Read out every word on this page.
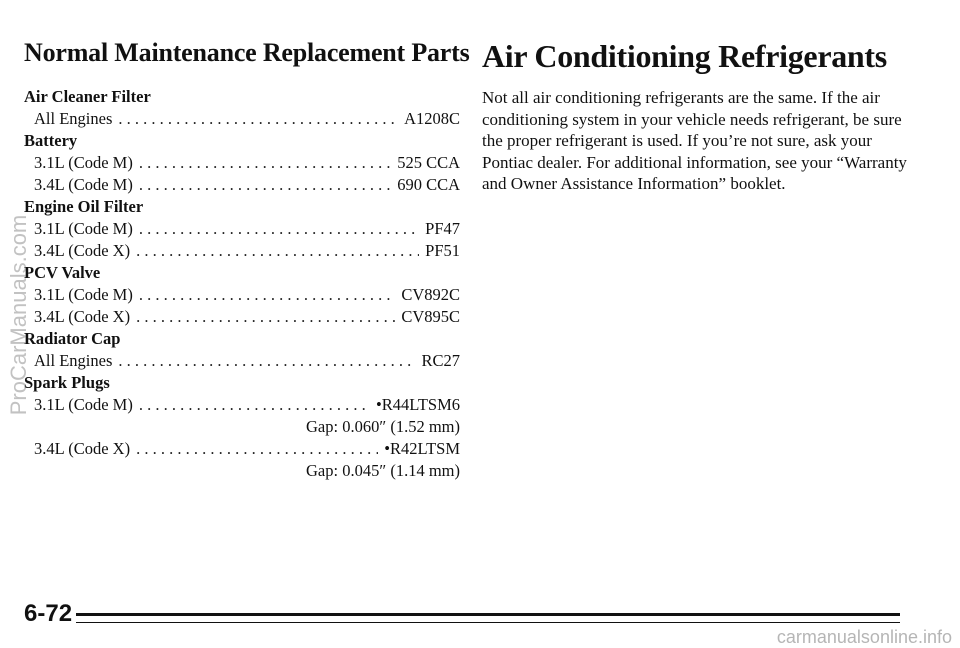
Normal Maintenance Replacement Parts
Air Cleaner Filter
All Engines . . .	A1208C
Battery
3.1L (Code M) . . .	525 CCA
3.4L (Code M) . . .	690 CCA
Engine Oil Filter
3.1L (Code M) . . .	PF47
3.4L (Code X) . . .	PF51
PCV Valve
3.1L (Code M) . . .	CV892C
3.4L (Code X) . . .	CV895C
Radiator Cap
All Engines . . .	RC27
Spark Plugs
3.1L (Code M) . . .	•R44LTSM6
Gap: 0.060″ (1.52 mm)
3.4L (Code X) . . .	•R42LTSM
Gap: 0.045″ (1.14 mm)
Air Conditioning Refrigerants

Not all air conditioning refrigerants are the same. If the air conditioning system in your vehicle needs refrigerant, be sure the proper refrigerant is used. If you’re not sure, ask your Pontiac dealer. For additional information, see your “Warranty and Owner Assistance Information” booklet.

6-72
ProCarManuals.com
carmanualsonline.info
